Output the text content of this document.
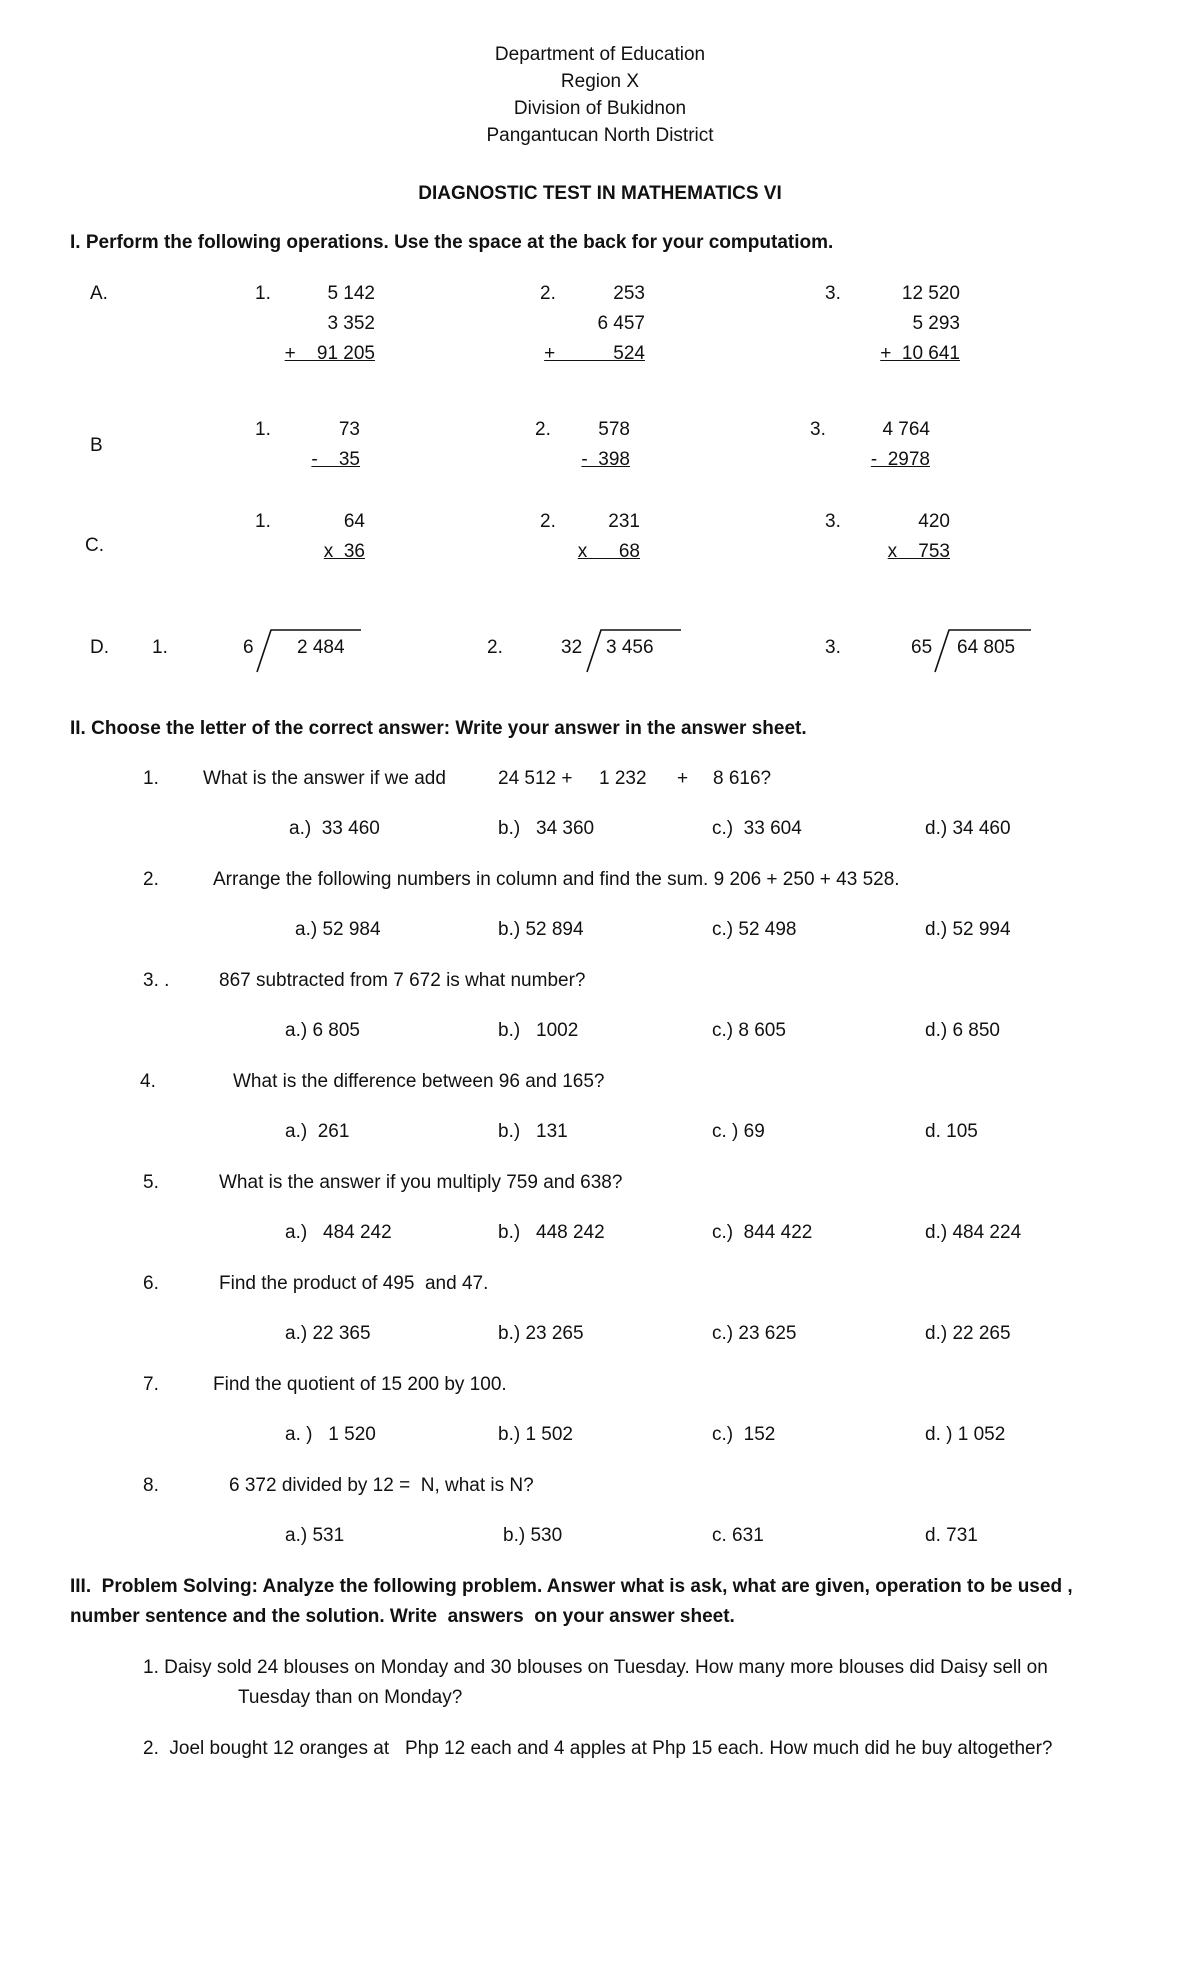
Department of Education
Region X
Division of Bukidnon
Pangantucan North District
DIAGNOSTIC TEST IN MATHEMATICS VI
I. Perform the following operations. Use the space at the back for your computatiom.
A.	1.	5 142
3 352
+    91 205
2.	253
6 457
+           524
3.	12 520
5 293
+  10 641
B
1.	73
-    35
2.	578
-  398
3.	4 764
-  2978
C.
1.	64
x  36
2.	231
x      68
3.	420
x    753
D. 1.	6 2 484	2.	32 3 456	3.	65 64 805
II. Choose the letter of the correct answer: Write your answer in the answer sheet.
1. What is the answer if we add	24 512 + 1 232 + 8 616?
a.)  33 460	b.)   34 360	c.)  33 604	d.) 34 460
2.	Arrange the following numbers in column and find the sum. 9 206 + 250 + 43 528.
a.) 52 984	b.) 52 894	c.) 52 498	d.) 52 994
3. .	867 subtracted from 7 672 is what number?
a.) 6 805	b.)   1002	c.) 8 605	d.) 6 850
4.	What is the difference between 96 and 165?
a.)  261	b.)   131	c. ) 69	d. 105
5.	What is the answer if you multiply 759 and 638?
a.)   484 242	b.)   448 242	c.)  844 422	d.) 484 224
6.	Find the product of 495  and 47.
a.) 22 365	b.) 23 265	c.) 23 625	d.) 22 265
7.	Find the quotient of 15 200 by 100.
a. )   1 520	b.) 1 502	c.)  152	d. ) 1 052
8.	6 372 divided by 12 =  N, what is N?
a.) 531	b.) 530	c. 631	d. 731
III.  Problem Solving: Analyze the following problem. Answer what is ask, what are given, operation to be used ,
number sentence and the solution. Write  answers  on your answer sheet.
1. Daisy sold 24 blouses on Monday and 30 blouses on Tuesday. How many more blouses did Daisy sell on
Tuesday than on Monday?
2.  Joel bought 12 oranges at   Php 12 each and 4 apples at Php 15 each. How much did he buy altogether?
